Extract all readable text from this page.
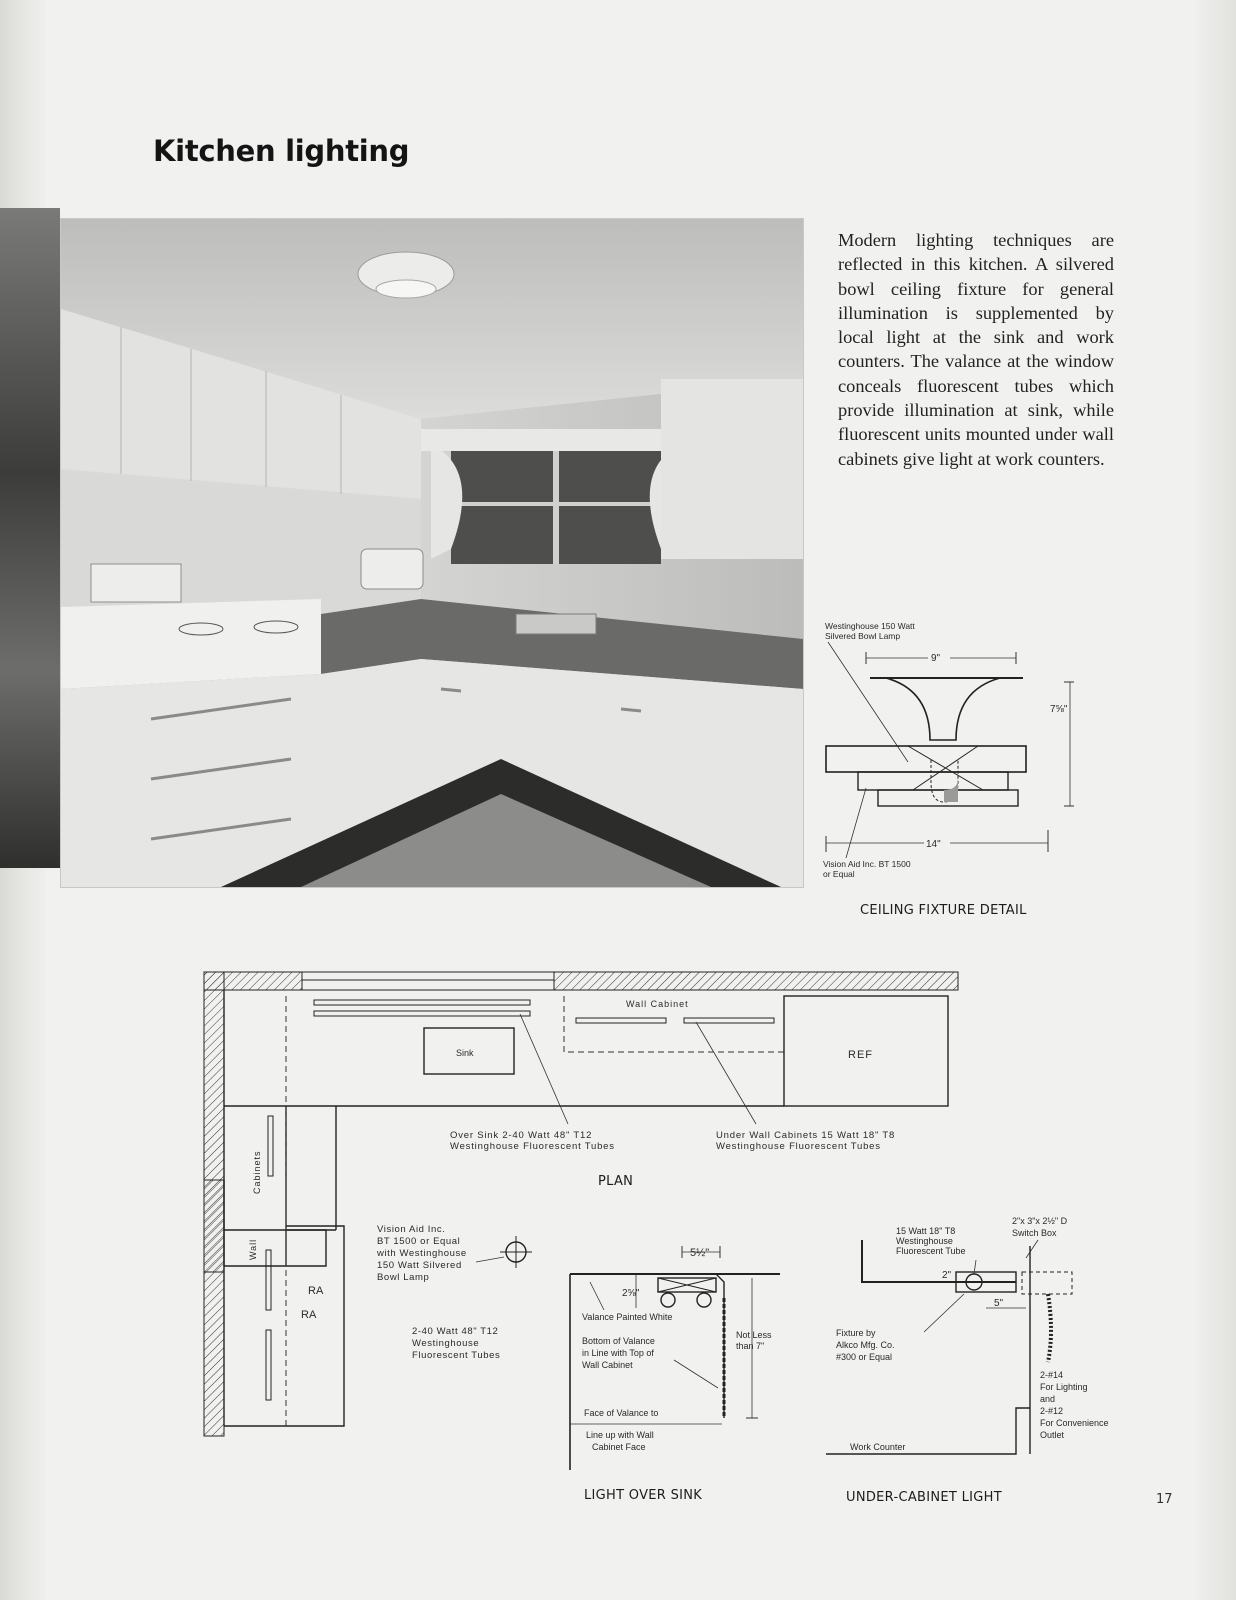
Kitchen lighting

Modern lighting techniques are reflected in this kitchen. A silvered bowl ceiling fixture for general illumination is supplemented by local light at the sink and work counters. The valance at the window conceals fluorescent tubes which provide illumination at sink, while fluorescent units mounted under wall cabinets give light at work counters.

Westinghouse 150 Watt
Silvered Bowl Lamp
9"
7⅝"
14"
Vision Aid Inc. BT 1500
or Equal

CEILING FIXTURE DETAIL

Wall Cabinet
Sink	REF
RA
Cabinets
Over Sink 2-40 Watt 48" T12
Westinghouse Fluorescent Tubes
Under Wall Cabinets 15 Watt 18" T8
Westinghouse Fluorescent Tubes

PLAN

Wall
RA
Vision Aid Inc.
BT 1500 or Equal
with Westinghouse
150 Watt Silvered
Bowl Lamp
2-40 Watt 48" T12
Westinghouse
Fluorescent Tubes
5½"
2⅝"
Not Less
than 7"
Valance Painted White
Bottom of Valance
in Line with Top of
Wall Cabinet
Face of Valance to
Line up with Wall
Cabinet Face

LIGHT OVER SINK

15 Watt 18" T8
Westinghouse
Fluorescent Tube
2"x 3"x 2½" D
Switch Box
2"
5"
Fixture by
Alkco Mfg. Co.
#300 or Equal
2-#14
For Lighting
and
2-#12
For Convenience
Outlet
Work Counter

UNDER-CABINET LIGHT	17
